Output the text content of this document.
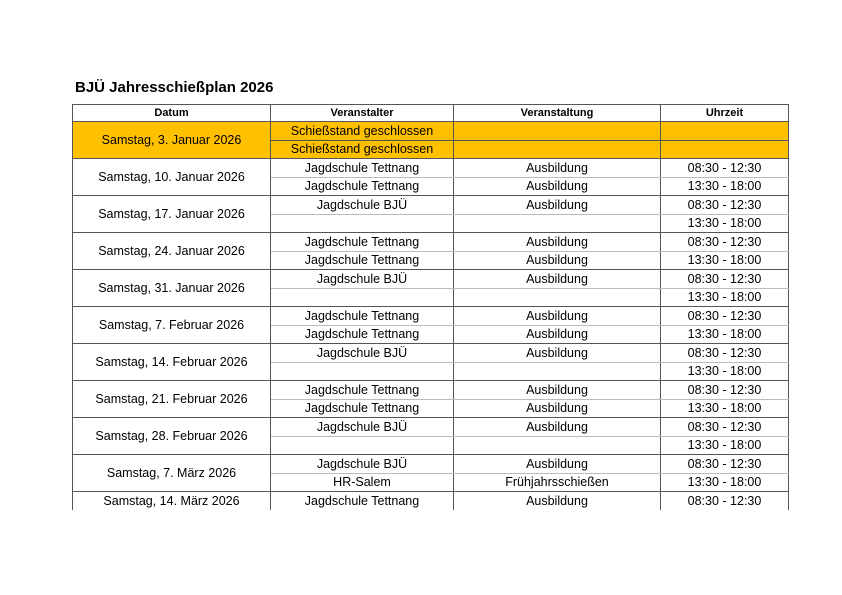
BJÜ Jahresschießplan 2026
Datum	Veranstalter	Veranstaltung	Uhrzeit
Samstag, 3. Januar 2026	Schießstand geschlossen		
	Schießstand geschlossen		
Samstag, 10. Januar 2026	Jagdschule Tettnang	Ausbildung	08:30 - 12:30
	Jagdschule Tettnang	Ausbildung	13:30 - 18:00
Samstag, 17. Januar 2026	Jagdschule BJÜ	Ausbildung	08:30 - 12:30
			13:30 - 18:00
Samstag, 24. Januar 2026	Jagdschule Tettnang	Ausbildung	08:30 - 12:30
	Jagdschule Tettnang	Ausbildung	13:30 - 18:00
Samstag, 31. Januar 2026	Jagdschule BJÜ	Ausbildung	08:30 - 12:30
			13:30 - 18:00
Samstag, 7. Februar 2026	Jagdschule Tettnang	Ausbildung	08:30 - 12:30
	Jagdschule Tettnang	Ausbildung	13:30 - 18:00
Samstag, 14. Februar 2026	Jagdschule BJÜ	Ausbildung	08:30 - 12:30
			13:30 - 18:00
Samstag, 21. Februar 2026	Jagdschule Tettnang	Ausbildung	08:30 - 12:30
	Jagdschule Tettnang	Ausbildung	13:30 - 18:00
Samstag, 28. Februar 2026	Jagdschule BJÜ	Ausbildung	08:30 - 12:30
			13:30 - 18:00
Samstag, 7. März 2026	Jagdschule BJÜ	Ausbildung	08:30 - 12:30
	HR-Salem	Frühjahrsschießen	13:30 - 18:00
Samstag, 14. März 2026	Jagdschule Tettnang	Ausbildung	08:30 - 12:30
